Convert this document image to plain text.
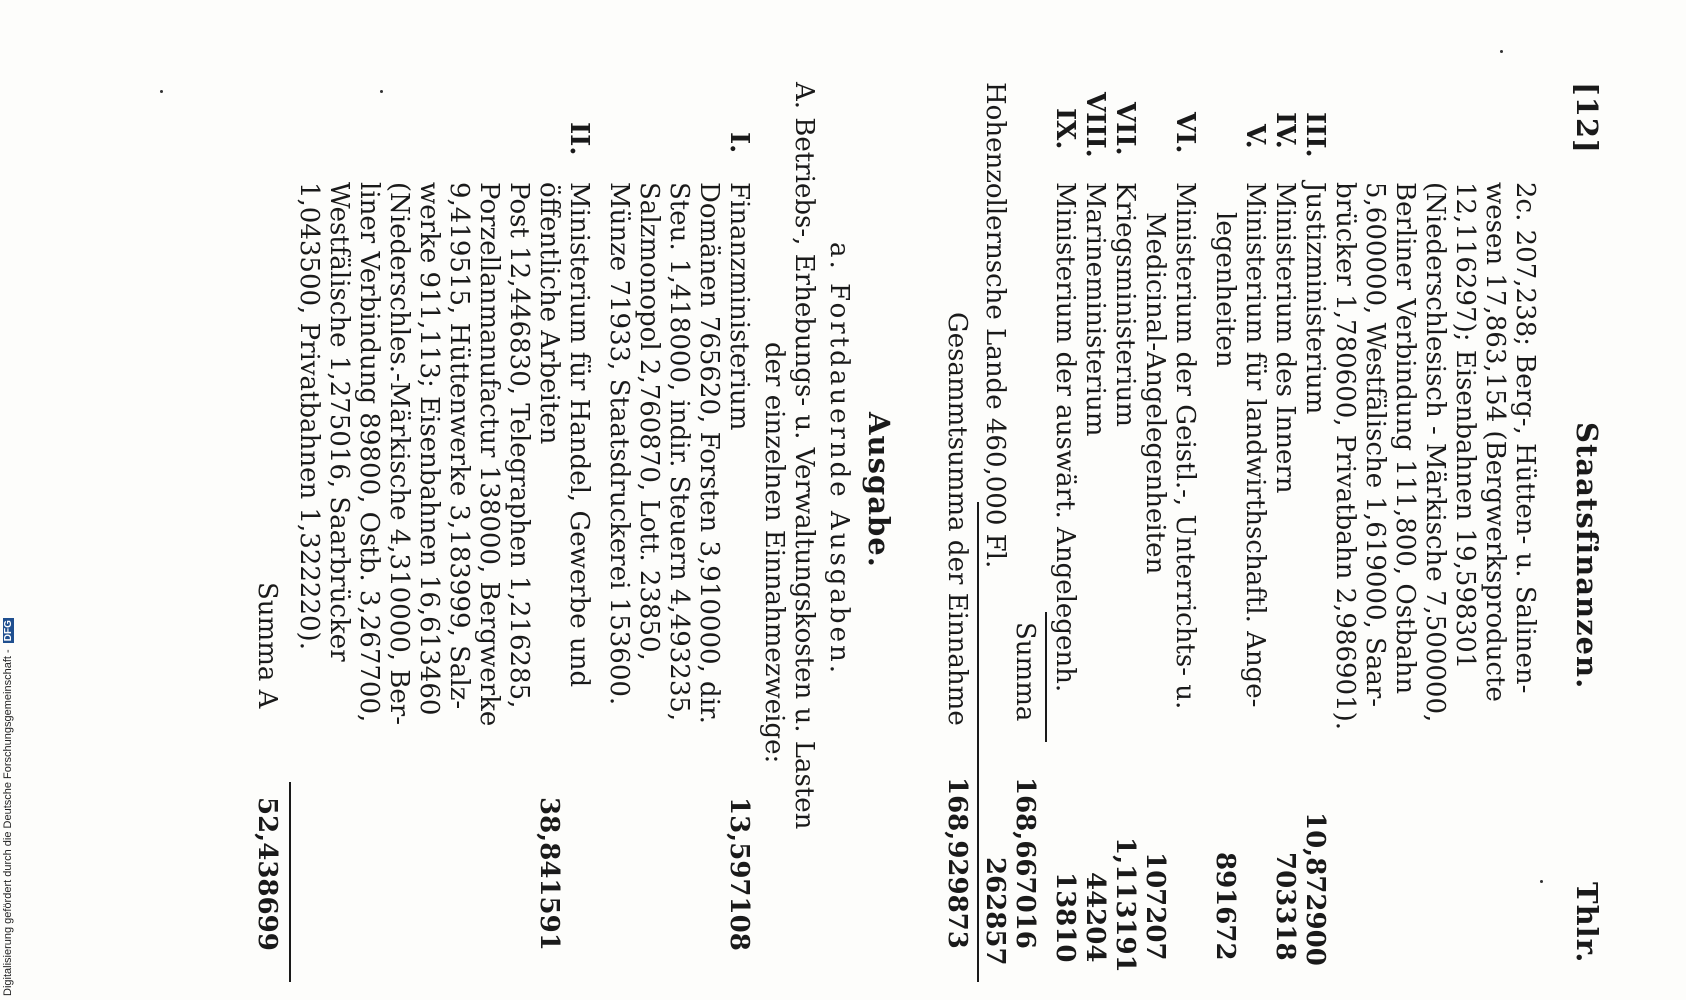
[12]
Staatsfinanzen.
Thlr.
2c. 207,238; Berg-, Hütten- u. Salinen-
wesen 17,863,154 (Bergwerksproducte
12,116297); Eisenbahnen 19,598301
(Niederschlesisch - Märkische 7,500000,
Berliner Verbindung 111,800, Ostbahn
5,600000, Westfälische 1,619000, Saar-
brücker 1,780600, Privatbahn 2,986901).
III.
Justizministerium
10,872900
IV.
Ministerium des Innern
703318
V.
Ministerium für landwirthschaftl. Ange-
legenheiten
891672
VI.
Ministerium der Geistl.-, Unterrichts- u.
Medicinal-Angelegenheiten
107207
VII.
Kriegsministerium
1,113191
VIII.
Marineministerium
44204
IX.
Ministerium der auswärt. Angelegenh.
13810
Summa
168,667016
Hohenzollernsche Lande 460,000 Fl.
262857
Gesammtsumma der Einnahme
168,929873
Ausgabe.
a. Fortdauernde Ausgaben.
A. Betriebs-, Erhebungs- u. Verwaltungskosten u. Lasten
der einzelnen Einnahmezweige:
I.
Finanzministerium
13,597108
Domänen 765620, Forsten 3,910000, dir.
Steu. 1,418000, indir. Steuern 4,493235,
Salzmonopol 2,760870, Lott. 23850,
Münze 71933, Staatsdruckerei 153600.
II.
Ministerium für Handel, Gewerbe und
öffentliche Arbeiten
38,841591
Post 12,446830, Telegraphen 1,216285,
Porzellanmanufactur 138000, Bergwerke
9,419515, Hüttenwerke 3,183999, Salz-
werke 911,113; Eisenbahnen 16,613460
(Niederschles.-Märkische 4,310000, Ber-
liner Verbindung 89800, Ostb. 3,267700,
Westfälische 1,275016, Saarbrücker
1,043500, Privatbahnen 1,322220).
Summa A
52,438699
Digitalisierung gefördert durch die Deutsche Forschungsgemeinschaft - DFG
